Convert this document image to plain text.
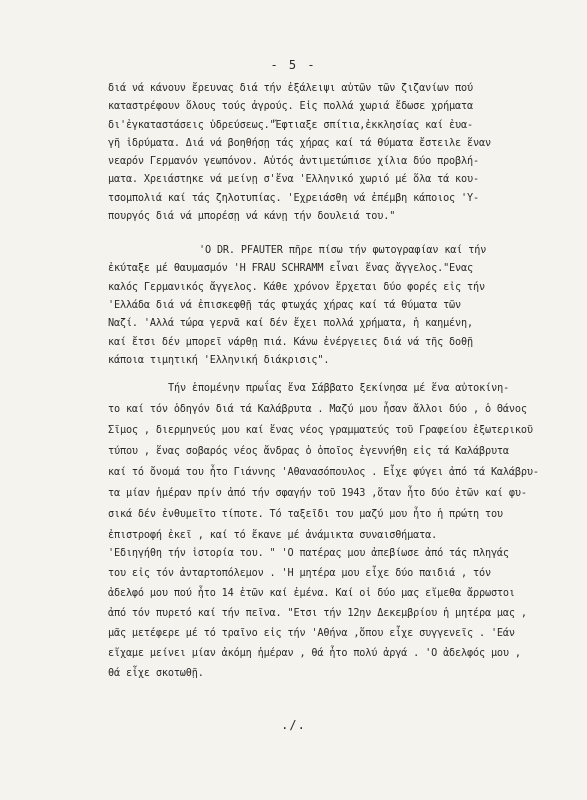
- 5 -
διά νά κάνουν ἔρευνας διά τήν ἐξάλειψι αὐτῶν τῶν ζιζανίων πού
καταστρέφουν ὅλους τούς ἀγρούς. Εἰς πολλά χωριά ἔδωσε χρήματα
δι'ἐγκαταστάσεις ὑδρεύσεως."Ἔφτιαξε σπίτια,ἐκκλησίας καί ἐυα-
γῆ ἱδρύματα. Διά νά βοηθήσῃ τάς χήρας καί τά θύματα ἔστειλε ἕναν
νεαρόν Γερμανόν γεωπόνον. Αὐτός ἀντιμετώπισε χίλια δύο προβλή-
ματα. Χρειάστηκε νά μείνῃ σ'ἕνα 'Ελληνικό χωριό μέ ὅλα τά κου-
τσομπολιά καί τάς ζηλοτυπίας. 'Εχρειάσθη νά ἐπέμβη κάποιος 'Υ-
πουργός διά νά μπορέσῃ νά κάνῃ τήν δουλειά του."
'Ο DR. PFAUTER πῆρε πίσω τήν φωτογραφίαν καί τήν
ἐκύταξε μέ θαυμασμόν 'Η FRAU SCHRAMM εἶναι ἕνας ἄγγελος."Ενας
καλός Γερμανικός ἄγγελος. Κάθε χρόνον ἔρχεται δύο φορές εἰς τήν
'Ελλάδα διά νά ἐπισκεφθῇ τάς φτωχάς χήρας καί τά θύματα τῶν
Ναζί. 'Αλλά τώρα γερνᾶ καί δέν ἔχει πολλά χρήματα, ἡ καημένη,
καί ἔτσι δέν μπορεῖ νάρθῃ πιά. Κάνω ἐνέργειες διά νά τῆς δοθῇ
κάποια τιμητική 'Ελληνική διάκρισις".
Τήν ἑπομένην πρωΐας ἕνα Σάββατο ξεκίνησα μέ ἕνα αὐτοκίνη-
το καί τόν ὁδηγόν διά τά Καλάβρυτα . Μαζύ μου ἦσαν ἄλλοι δύο , ὁ Θάνος
Σῖμος , διερμηνεύς μου καί ἕνας νέος γραμματεύς τοῦ Γραφείου ἐξωτερικοῦ
τύπου , ἕνας σοβαρός νέος ἄνδρας ὁ ὁποῖος ἐγεννήθη εἰς τά Καλάβρυτα
καί τό ὄνομά του ἦτο Γιάννης 'Αθανασόπουλος . Εἶχε φύγει ἀπό τά Καλάβρυ-
τα μίαν ἡμέραν πρίν ἀπό τήν σφαγήν τοῦ 1943 ,ὅταν ἦτο δύο ἐτῶν καί φυ-
σικά δέν ἐνθυμεῖτο τίποτε. Τό ταξεῖδι του μαζύ μου ἦτο ἡ πρώτη του
ἐπιστροφή ἐκεῖ , καί τό ἔκανε μέ ἀνάμικτα συναισθήματα.
'Εδιηγήθη τήν ἱστορία του. " 'Ο πατέρας μου ἀπεβίωσε ἀπό τάς πληγάς
του εἰς τόν ἀνταρτοπόλεμον . 'Η μητέρα μου εἶχε δύο παιδιά , τόν
ἀδελφό μου πού ἦτο 14 ἐτῶν καί ἐμένα. Καί οἱ δύο μας εἴμεθα ἄρρωστοι
ἀπό τόν πυρετό καί τήν πεῖνα. "Ετσι τήν 12ην Δεκεμβρίου ἡ μητέρα μας ,
μᾶς μετέφερε μέ τό τραῖνο εἰς τήν 'Αθήνα ,ὅπου εἶχε συγγενεῖς . 'Εάν
εἴχαμε μείνει μίαν ἀκόμη ἡμέραν , θά ἦτο πολύ ἀργά . 'Ο ἀδελφός μου ,
θά εἶχε σκοτωθῇ.
./.
